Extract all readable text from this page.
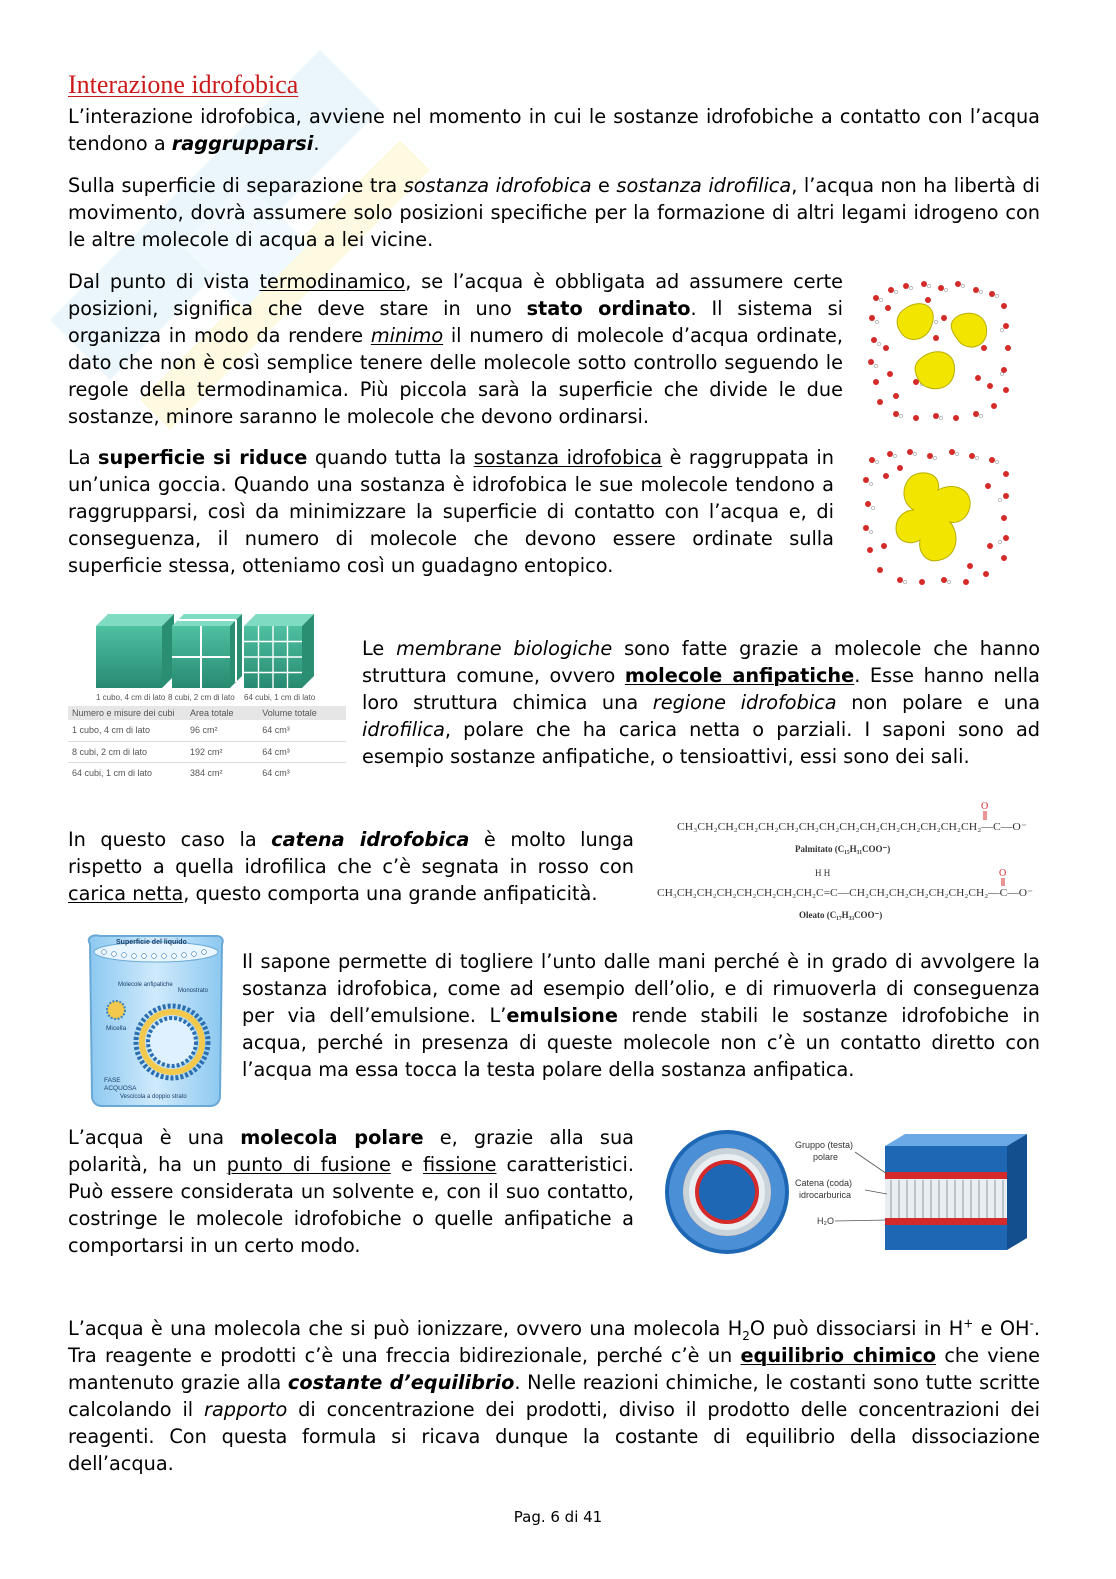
Interazione idrofobica

L’interazione idrofobica, avviene nel momento in cui le sostanze idrofobiche a contatto con l’acqua tendono a raggrupparsi.

Sulla superficie di separazione tra sostanza idrofobica e sostanza idrofilica, l’acqua non ha libertà di movimento, dovrà assumere solo posizioni specifiche per la formazione di altri legami idrogeno con le altre molecole di acqua a lei vicine.

Dal punto di vista termodinamico, se l’acqua è obbligata ad assumere certe posizioni, significa che deve stare in uno stato ordinato. Il sistema si organizza in modo da rendere minimo il numero di molecole d’acqua ordinate, dato che non è così semplice tenere delle molecole sotto controllo seguendo le regole della termodinamica. Più piccola sarà la superficie che divide le due sostanze, minore saranno le molecole che devono ordinarsi.

La superficie si riduce quando tutta la sostanza idrofobica è raggruppata in un’unica goccia. Quando una sostanza è idrofobica le sue molecole tendono a raggrupparsi, così da minimizzare la superficie di contatto con l’acqua e, di conseguenza, il numero di molecole che devono essere ordinate sulla superficie stessa, otteniamo così un guadagno entopico.

1 cubo, 4 cm di lato 8 cubi, 2 cm di lato 64 cubi, 1 cm di lato
Numero e misure dei cubi	Area totale	Volume totale
1 cubo, 4 cm di lato	96 cm²	64 cm³
8 cubi, 2 cm di lato	192 cm²	64 cm³
64 cubi, 1 cm di lato	384 cm²	64 cm³

Le membrane biologiche sono fatte grazie a molecole che hanno struttura comune, ovvero molecole anfipatiche. Esse hanno nella loro struttura chimica una regione idrofobica non polare e una idrofilica, polare che ha carica netta o parziali. I saponi sono ad esempio sostanze anfipatiche, o tensioattivi, essi sono dei sali.

In questo caso la catena idrofobica è molto lunga rispetto a quella idrofilica che c’è segnata in rosso con carica netta, questo comporta una grande anfipaticità.

O
CH₃CH₂CH₂CH₂CH₂CH₂CH₂CH₂CH₂CH₂CH₂CH₂CH₂CH₂CH₂—C—O⁻
Palmitato (C₁₅H₃₁COO⁻)
H H	O
CH₃CH₂CH₂CH₂CH₂CH₂CH₂CH₂C=C—CH₂CH₂CH₂CH₂CH₂CH₂CH₂—C—O⁻
Oleato (C₁₇H₃₃COO⁻)
Superficie del liquido
Molecole anfipatiche
Monostrato
Micella
FASE
ACQUOSA
Vescicola a doppio strato

Il sapone permette di togliere l’unto dalle mani perché è in grado di avvolgere la sostanza idrofobica, come ad esempio dell’olio, e di rimuoverla di conseguenza per via dell’emulsione. L’emulsione rende stabili le sostanze idrofobiche in acqua, perché in presenza di queste molecole non c’è un contatto diretto con l’acqua ma essa tocca la testa polare della sostanza anfipatica.

L’acqua è una molecola polare e, grazie alla sua polarità, ha un punto di fusione e fissione caratteristici. Può essere considerata un solvente e, con il suo contatto, costringe le molecole idrofobiche o quelle anfipatiche a comportarsi in un certo modo.

Gruppo (testa)
polare
Catena (coda)
idrocarburica
H₂O

L’acqua è una molecola che si può ionizzare, ovvero una molecola $H_2O$ può dissociarsi in H+ e OH-. Tra reagente e prodotti c’è una freccia bidirezionale, perché c’è un equilibrio chimico che viene mantenuto grazie alla costante d’equilibrio. Nelle reazioni chimiche, le costanti sono tutte scritte calcolando il rapporto di concentrazione dei prodotti, diviso il prodotto delle concentrazioni dei reagenti. Con questa formula si ricava dunque la costante di equilibrio della dissociazione dell’acqua.

Pag. 6 di 41
